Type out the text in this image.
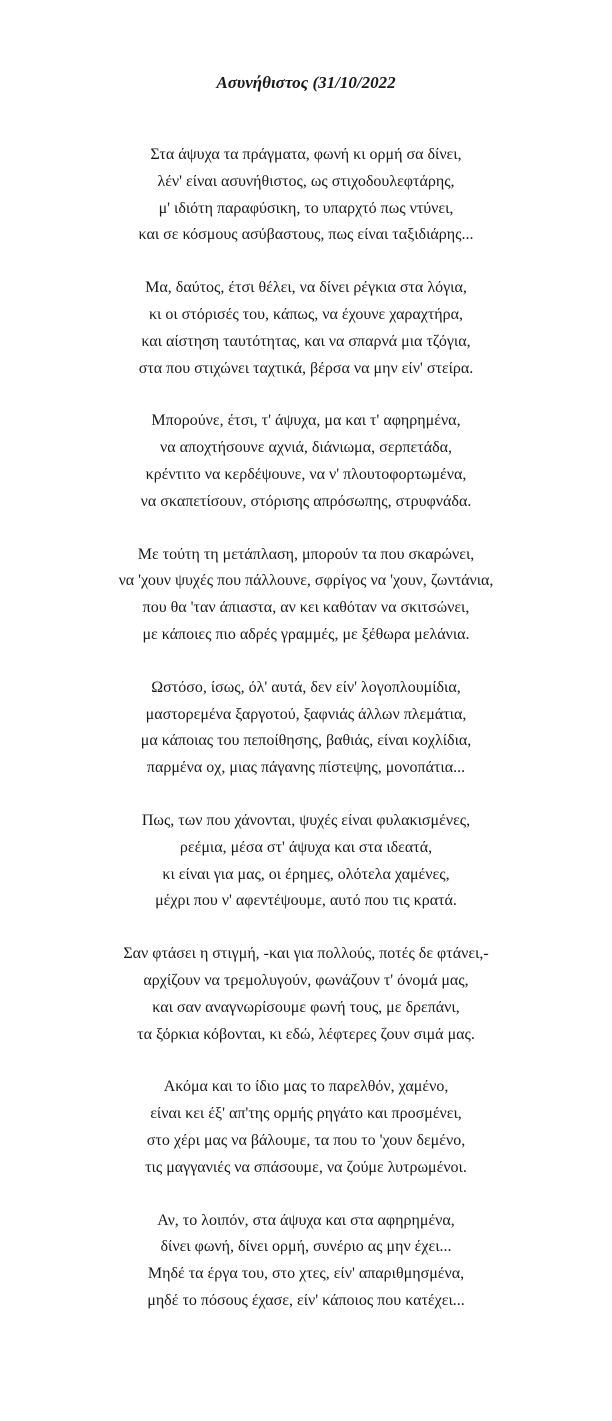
Ασυνήθιστος (31/10/2022
Στα άψυχα τα πράγματα, φωνή κι ορμή σα δίνει,
λέν' είναι ασυνήθιστος, ως στιχοδουλεφτάρης,
μ' ιδιότη παραφύσικη, το υπαρχτό πως ντύνει,
και σε κόσμους ασύβαστους, πως είναι ταξιδιάρης...
Μα, δαύτος, έτσι θέλει, να δίνει ρέγκια στα λόγια,
κι οι στόρισές του, κάπως, να έχουνε χαραχτήρα,
και αίστηση ταυτότητας, και να σπαρνά μια τζόγια,
στα που στιχώνει ταχτικά, βέρσα να μην είν' στείρα.
Μπορούνε, έτσι, τ' άψυχα, μα και τ' αφηρημένα,
να αποχτήσουνε αχνιά, διάνιωμα, σερπετάδα,
κρέντιτο να κερδέψουνε, να ν' πλουτοφορτωμένα,
να σκαπετίσουν, στόρισης απρόσωπης, στρυφνάδα.
Με τούτη τη μετάπλαση, μπορούν τα που σκαρώνει,
να 'χουν ψυχές που πάλλουνε, σφρίγος να 'χουν, ζωντάνια,
που θα 'ταν άπιαστα, αν κει καθόταν να σκιτσώνει,
με κάποιες πιο αδρές γραμμές, με ξέθωρα μελάνια.
Ωστόσο, ίσως, όλ' αυτά, δεν είν' λογοπλουμίδια,
μαστορεμένα ξαργοτού, ξαφνιάς άλλων πλεμάτια,
μα κάποιας του πεποίθησης, βαθιάς, είναι κοχλίδια,
παρμένα οχ, μιας πάγανης πίστεψης, μονοπάτια...
Πως, των που χάνονται, ψυχές είναι φυλακισμένες,
ρεέμια, μέσα στ' άψυχα και στα ιδεατά,
κι είναι για μας, οι έρημες, ολότελα χαμένες,
μέχρι που ν' αφεντέψουμε, αυτό που τις κρατά.
Σαν φτάσει η στιγμή, -και για πολλούς, ποτές δε φτάνει,-
αρχίζουν να τρεμολυγούν, φωνάζουν τ' όνομά μας,
και σαν αναγνωρίσουμε φωνή τους, με δρεπάνι,
τα ξόρκια κόβονται, κι εδώ, λέφτερες ζουν σιμά μας.
Ακόμα και το ίδιο μας το παρελθόν, χαμένο,
είναι κει έξ' απ'της ορμής ρηγάτο και προσμένει,
στο χέρι μας να βάλουμε, τα που το 'χουν δεμένο,
τις μαγγανιές να σπάσουμε, να ζούμε λυτρωμένοι.
Αν, το λοιπόν, στα άψυχα και στα αφηρημένα,
δίνει φωνή, δίνει ορμή, συνέριο ας μην έχει...
Μηδέ τα έργα του, στο χτες, είν' απαριθμησμένα,
μηδέ το πόσους έχασε, είν' κάποιος που κατέχει...
